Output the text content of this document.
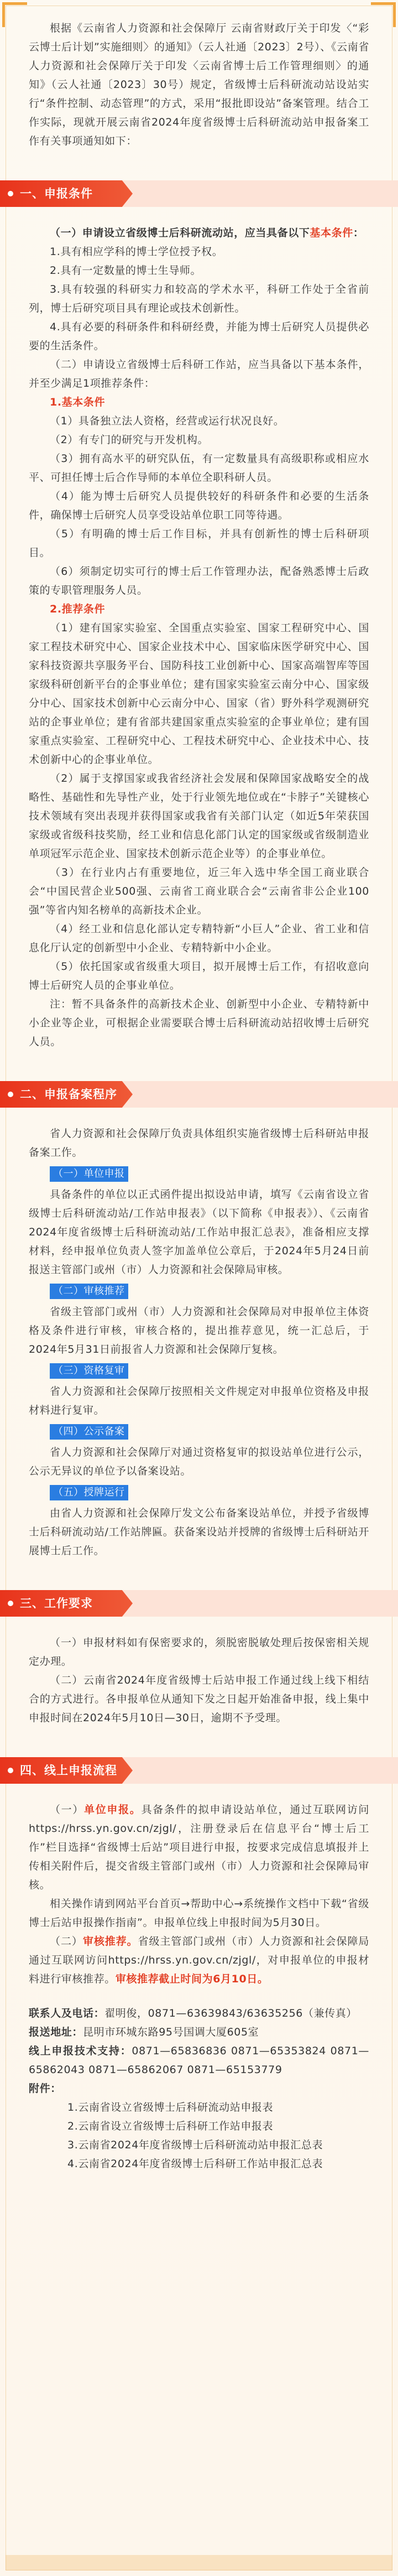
根据《云南省人力资源和社会保障厅 云南省财政厅关于印发〈“彩云博士后计划”实施细则〉的通知》（云人社通〔2023〕2号）、《云南省人力资源和社会保障厅关于印发〈云南省博士后工作管理细则〉的通知》（云人社通〔2023〕30号）规定，省级博士后科研流动站设站实行“条件控制、动态管理”的方式，采用“报批即设站”备案管理。结合工作实际，现就开展云南省2024年度省级博士后科研流动站申报备案工作有关事项通知如下：

一、申报条件

（一）申请设立省级博士后科研流动站，应当具备以下基本条件：

1.具有相应学科的博士学位授予权。

2.具有一定数量的博士生导师。

3.具有较强的科研实力和较高的学术水平，科研工作处于全省前列，博士后研究项目具有理论或技术创新性。

4.具有必要的科研条件和科研经费，并能为博士后研究人员提供必要的生活条件。

（二）申请设立省级博士后科研工作站，应当具备以下基本条件，并至少满足1项推荐条件：

1.基本条件

（1）具备独立法人资格，经营或运行状况良好。

（2）有专门的研究与开发机构。

（3）拥有高水平的研究队伍，有一定数量具有高级职称或相应水平、可担任博士后合作导师的本单位全职科研人员。

（4）能为博士后研究人员提供较好的科研条件和必要的生活条件，确保博士后研究人员享受设站单位职工同等待遇。

（5）有明确的博士后工作目标，并具有创新性的博士后科研项目。

（6）须制定切实可行的博士后工作管理办法，配备熟悉博士后政策的专职管理服务人员。

2.推荐条件

（1）建有国家实验室、全国重点实验室、国家工程研究中心、国家工程技术研究中心、国家企业技术中心、国家临床医学研究中心、国家科技资源共享服务平台、国防科技工业创新中心、国家高端智库等国家级科研创新平台的企事业单位；建有国家实验室云南分中心、国家级分中心、国家技术创新中心云南分中心、国家（省）野外科学观测研究站的企事业单位；建有省部共建国家重点实验室的企事业单位；建有国家重点实验室、工程研究中心、工程技术研究中心、企业技术中心、技术创新中心的企事业单位。

（2）属于支撑国家或我省经济社会发展和保障国家战略安全的战略性、基础性和先导性产业，处于行业领先地位或在“卡脖子”关键核心技术领域有突出表现并获得国家或我省有关部门认定（如近5年荣获国家级或省级科技奖励，经工业和信息化部门认定的国家级或省级制造业单项冠军示范企业、国家技术创新示范企业等）的企事业单位。

（3）在行业内占有重要地位，近三年入选中华全国工商业联合会“中国民营企业500强、云南省工商业联合会“云南省非公企业100强”等省内知名榜单的高新技术企业。

（4）经工业和信息化部认定专精特新“小巨人”企业、省工业和信息化厅认定的创新型中小企业、专精特新中小企业。

（5）依托国家或省级重大项目，拟开展博士后工作，有招收意向博士后研究人员的企事业单位。

注：暂不具备条件的高新技术企业、创新型中小企业、专精特新中小企业等企业，可根据企业需要联合博士后科研流动站招收博士后研究人员。

二、申报备案程序

省人力资源和社会保障厅负责具体组织实施省级博士后科研站申报备案工作。

（一）单位申报

具备条件的单位以正式函件提出拟设站申请，填写《云南省设立省级博士后科研流动站/工作站申报表》（以下简称《申报表》）、《云南省2024年度省级博士后科研流动站/工作站申报汇总表》，准备相应支撑材料，经申报单位负责人签字加盖单位公章后，于2024年5月24日前报送主管部门或州（市）人力资源和社会保障局审核。

（二）审核推荐

省级主管部门或州（市）人力资源和社会保障局对申报单位主体资格及条件进行审核，审核合格的，提出推荐意见，统一汇总后，于2024年5月31日前报省人力资源和社会保障厅复核。

（三）资格复审

省人力资源和社会保障厅按照相关文件规定对申报单位资格及申报材料进行复审。

（四）公示备案

省人力资源和社会保障厅对通过资格复审的拟设站单位进行公示，公示无异议的单位予以备案设站。

（五）授牌运行

由省人力资源和社会保障厅发文公布备案设站单位，并授予省级博士后科研流动站/工作站牌匾。获备案设站并授牌的省级博士后科研站开展博士后工作。

三、工作要求

（一）申报材料如有保密要求的，须脱密脱敏处理后按保密相关规定办理。

（二）云南省2024年度省级博士后站申报工作通过线上线下相结合的方式进行。各申报单位从通知下发之日起开始准备申报，线上集中申报时间在2024年5月10日—30日，逾期不予受理。

四、线上申报流程

（一）单位申报。具备条件的拟申请设站单位，通过互联网访问https://hrss.yn.gov.cn/zjgl/，注册登录后在信息平台“博士后工作”栏目选择“省级博士后站”项目进行申报，按要求完成信息填报并上传相关附件后，提交省级主管部门或州（市）人力资源和社会保障局审核。

相关操作请到网站平台首页→帮助中心→系统操作文档中下载“省级博士后站申报操作指南”。申报单位线上申报时间为5月30日。

（二）审核推荐。省级主管部门或州（市）人力资源和社会保障局通过互联网访问https://hrss.yn.gov.cn/zjgl/，对申报单位的申报材料进行审核推荐。审核推荐截止时间为6月10日。

联系人及电话：翟明俊，0871—63639843/63635256（兼传真）

报送地址：昆明市环城东路95号国调大厦605室

线上申报技术支持：0871—65836836 0871—65353824 0871—65862043 0871—65862067 0871—65153779

附件：

1.云南省设立省级博士后科研流动站申报表

2.云南省设立省级博士后科研工作站申报表

3.云南省2024年度省级博士后科研流动站申报汇总表

4.云南省2024年度省级博士后科研工作站申报汇总表
